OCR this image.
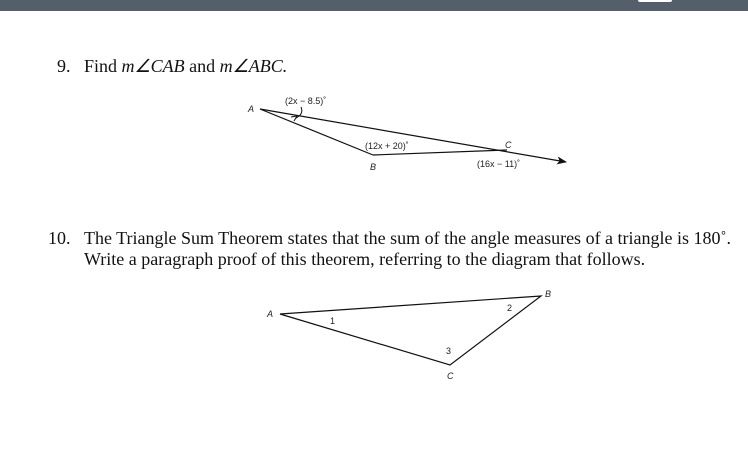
9. Find m∠CAB and m∠ABC.
10. The Triangle Sum Theorem states that the sum of the angle measures of a triangle is 180˚.
Write a paragraph proof of this theorem, referring to the diagram that follows.
A
B
C
(2x − 8.5)˚
(12x + 20)˚
(16x − 11)˚
A
B
C
1
2
3
